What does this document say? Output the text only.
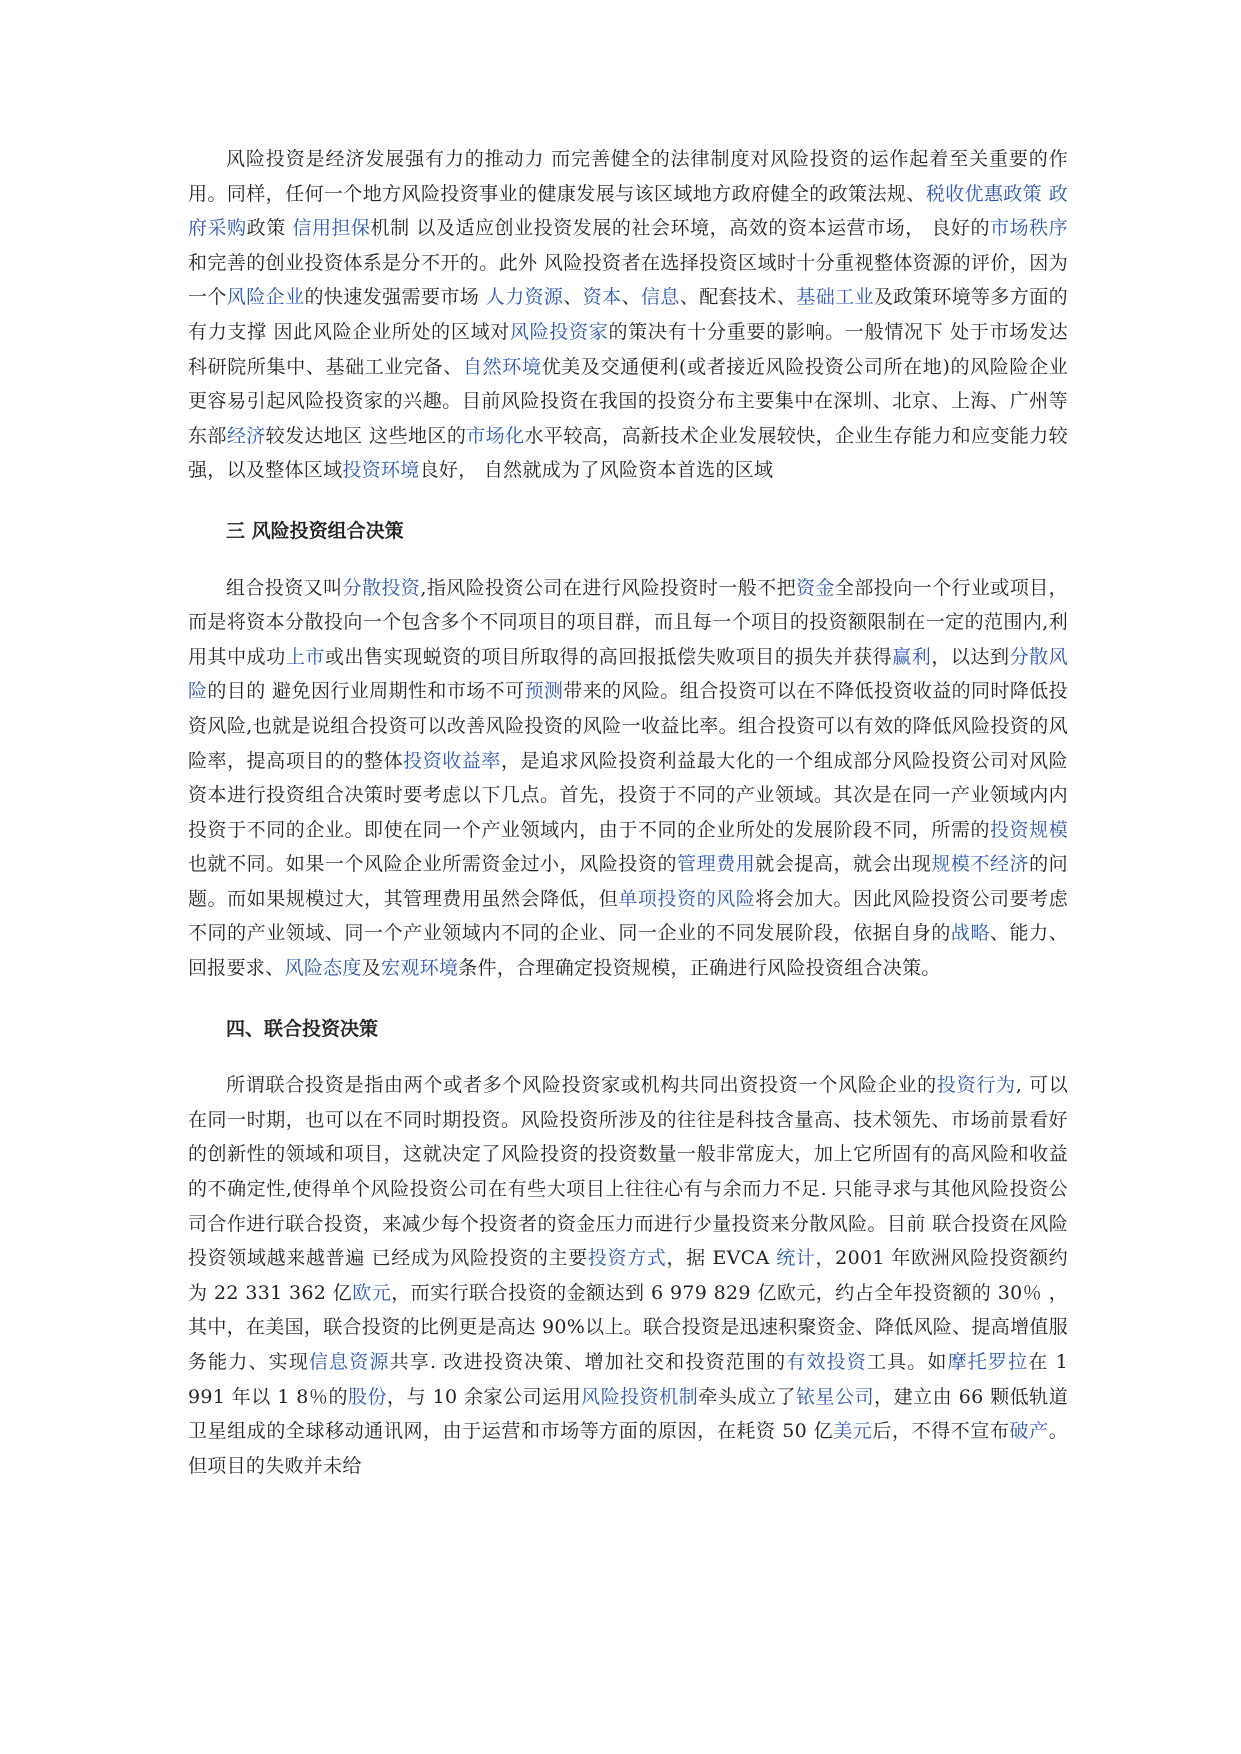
风险投资是经济发展强有力的推动力 而完善健全的法律制度对风险投资的运作起着至关重要的作用。同样，任何一个地方风险投资事业的健康发展与该区域地方政府健全的政策法规、税收优惠政策 政府采购政策 信用担保机制 以及适应创业投资发展的社会环境，高效的资本运营市场， 良好的市场秩序和完善的创业投资体系是分不开的。此外 风险投资者在选择投资区域时十分重视整体资源的评价，因为一个风险企业的快速发强需要市场 人力资源、资本、信息、配套技术、基础工业及政策环境等多方面的有力支撑 因此风险企业所处的区域对风险投资家的策决有十分重要的影响。一般情况下 处于市场发达 科研院所集中、基础工业完备、自然环境优美及交通便利(或者接近风险投资公司所在地)的风险险企业更容易引起风险投资家的兴趣。目前风险投资在我国的投资分布主要集中在深圳、北京、上海、广州等东部经济较发达地区 这些地区的市场化水平较高，高新技术企业发展较快，企业生存能力和应变能力较强，以及整体区域投资环境良好， 自然就成为了风险资本首选的区域

三 风险投资组合决策

组合投资又叫分散投资,指风险投资公司在进行风险投资时一般不把资金全部投向一个行业或项目，而是将资本分散投向一个包含多个不同项目的项目群，而且每一个项目的投资额限制在一定的范围内,利用其中成功上市或出售实现蜕资的项目所取得的高回报抵偿失败项目的损失并获得赢利，以达到分散风险的目的 避免因行业周期性和市场不可预测带来的风险。组合投资可以在不降低投资收益的同时降低投资风险,也就是说组合投资可以改善风险投资的风险一收益比率。组合投资可以有效的降低风险投资的风险率，提高项目的的整体投资收益率，是追求风险投资利益最大化的一个组成部分风险投资公司对风险资本进行投资组合决策时要考虑以下几点。首先，投资于不同的产业领域。其次是在同一产业领域内内投资于不同的企业。即使在同一个产业领域内，由于不同的企业所处的发展阶段不同，所需的投资规模也就不同。如果一个风险企业所需资金过小，风险投资的管理费用就会提高，就会出现规模不经济的问题。而如果规模过大，其管理费用虽然会降低，但单项投资的风险将会加大。因此风险投资公司要考虑不同的产业领域、同一个产业领域内不同的企业、同一企业的不同发展阶段，依据自身的战略、能力、回报要求、风险态度及宏观环境条件，合理确定投资规模，正确进行风险投资组合决策。

四、联合投资决策

所谓联合投资是指由两个或者多个风险投资家或机构共同出资投资一个风险企业的投资行为, 可以在同一时期，也可以在不同时期投资。风险投资所涉及的往往是科技含量高、技术领先、市场前景看好的创新性的领域和项目，这就决定了风险投资的投资数量一般非常庞大，加上它所固有的高风险和收益的不确定性,使得单个风险投资公司在有些大项目上往往心有与余而力不足. 只能寻求与其他风险投资公司合作进行联合投资，来减少每个投资者的资金压力而进行少量投资来分散风险。目前 联合投资在风险投资领域越来越普遍 已经成为风险投资的主要投资方式，据 EVCA 统计，2001 年欧洲风险投资额约为 22 331 362 亿欧元，而实行联合投资的金额达到 6 979 829 亿欧元，约占全年投资额的 30％ ，其中，在美国，联合投资的比例更是高达 90%以上。联合投资是迅速积聚资金、降低风险、提高增值服务能力、实现信息资源共享. 改进投资决策、增加社交和投资范围的有效投资工具。如摩托罗拉在 1 991 年以 1 8％的股份，与 10 余家公司运用风险投资机制牵头成立了铱星公司，建立由 66 颗低轨道卫星组成的全球移动通讯网，由于运营和市场等方面的原因，在耗资 50 亿美元后，不得不宣布破产。但项目的失败并未给
